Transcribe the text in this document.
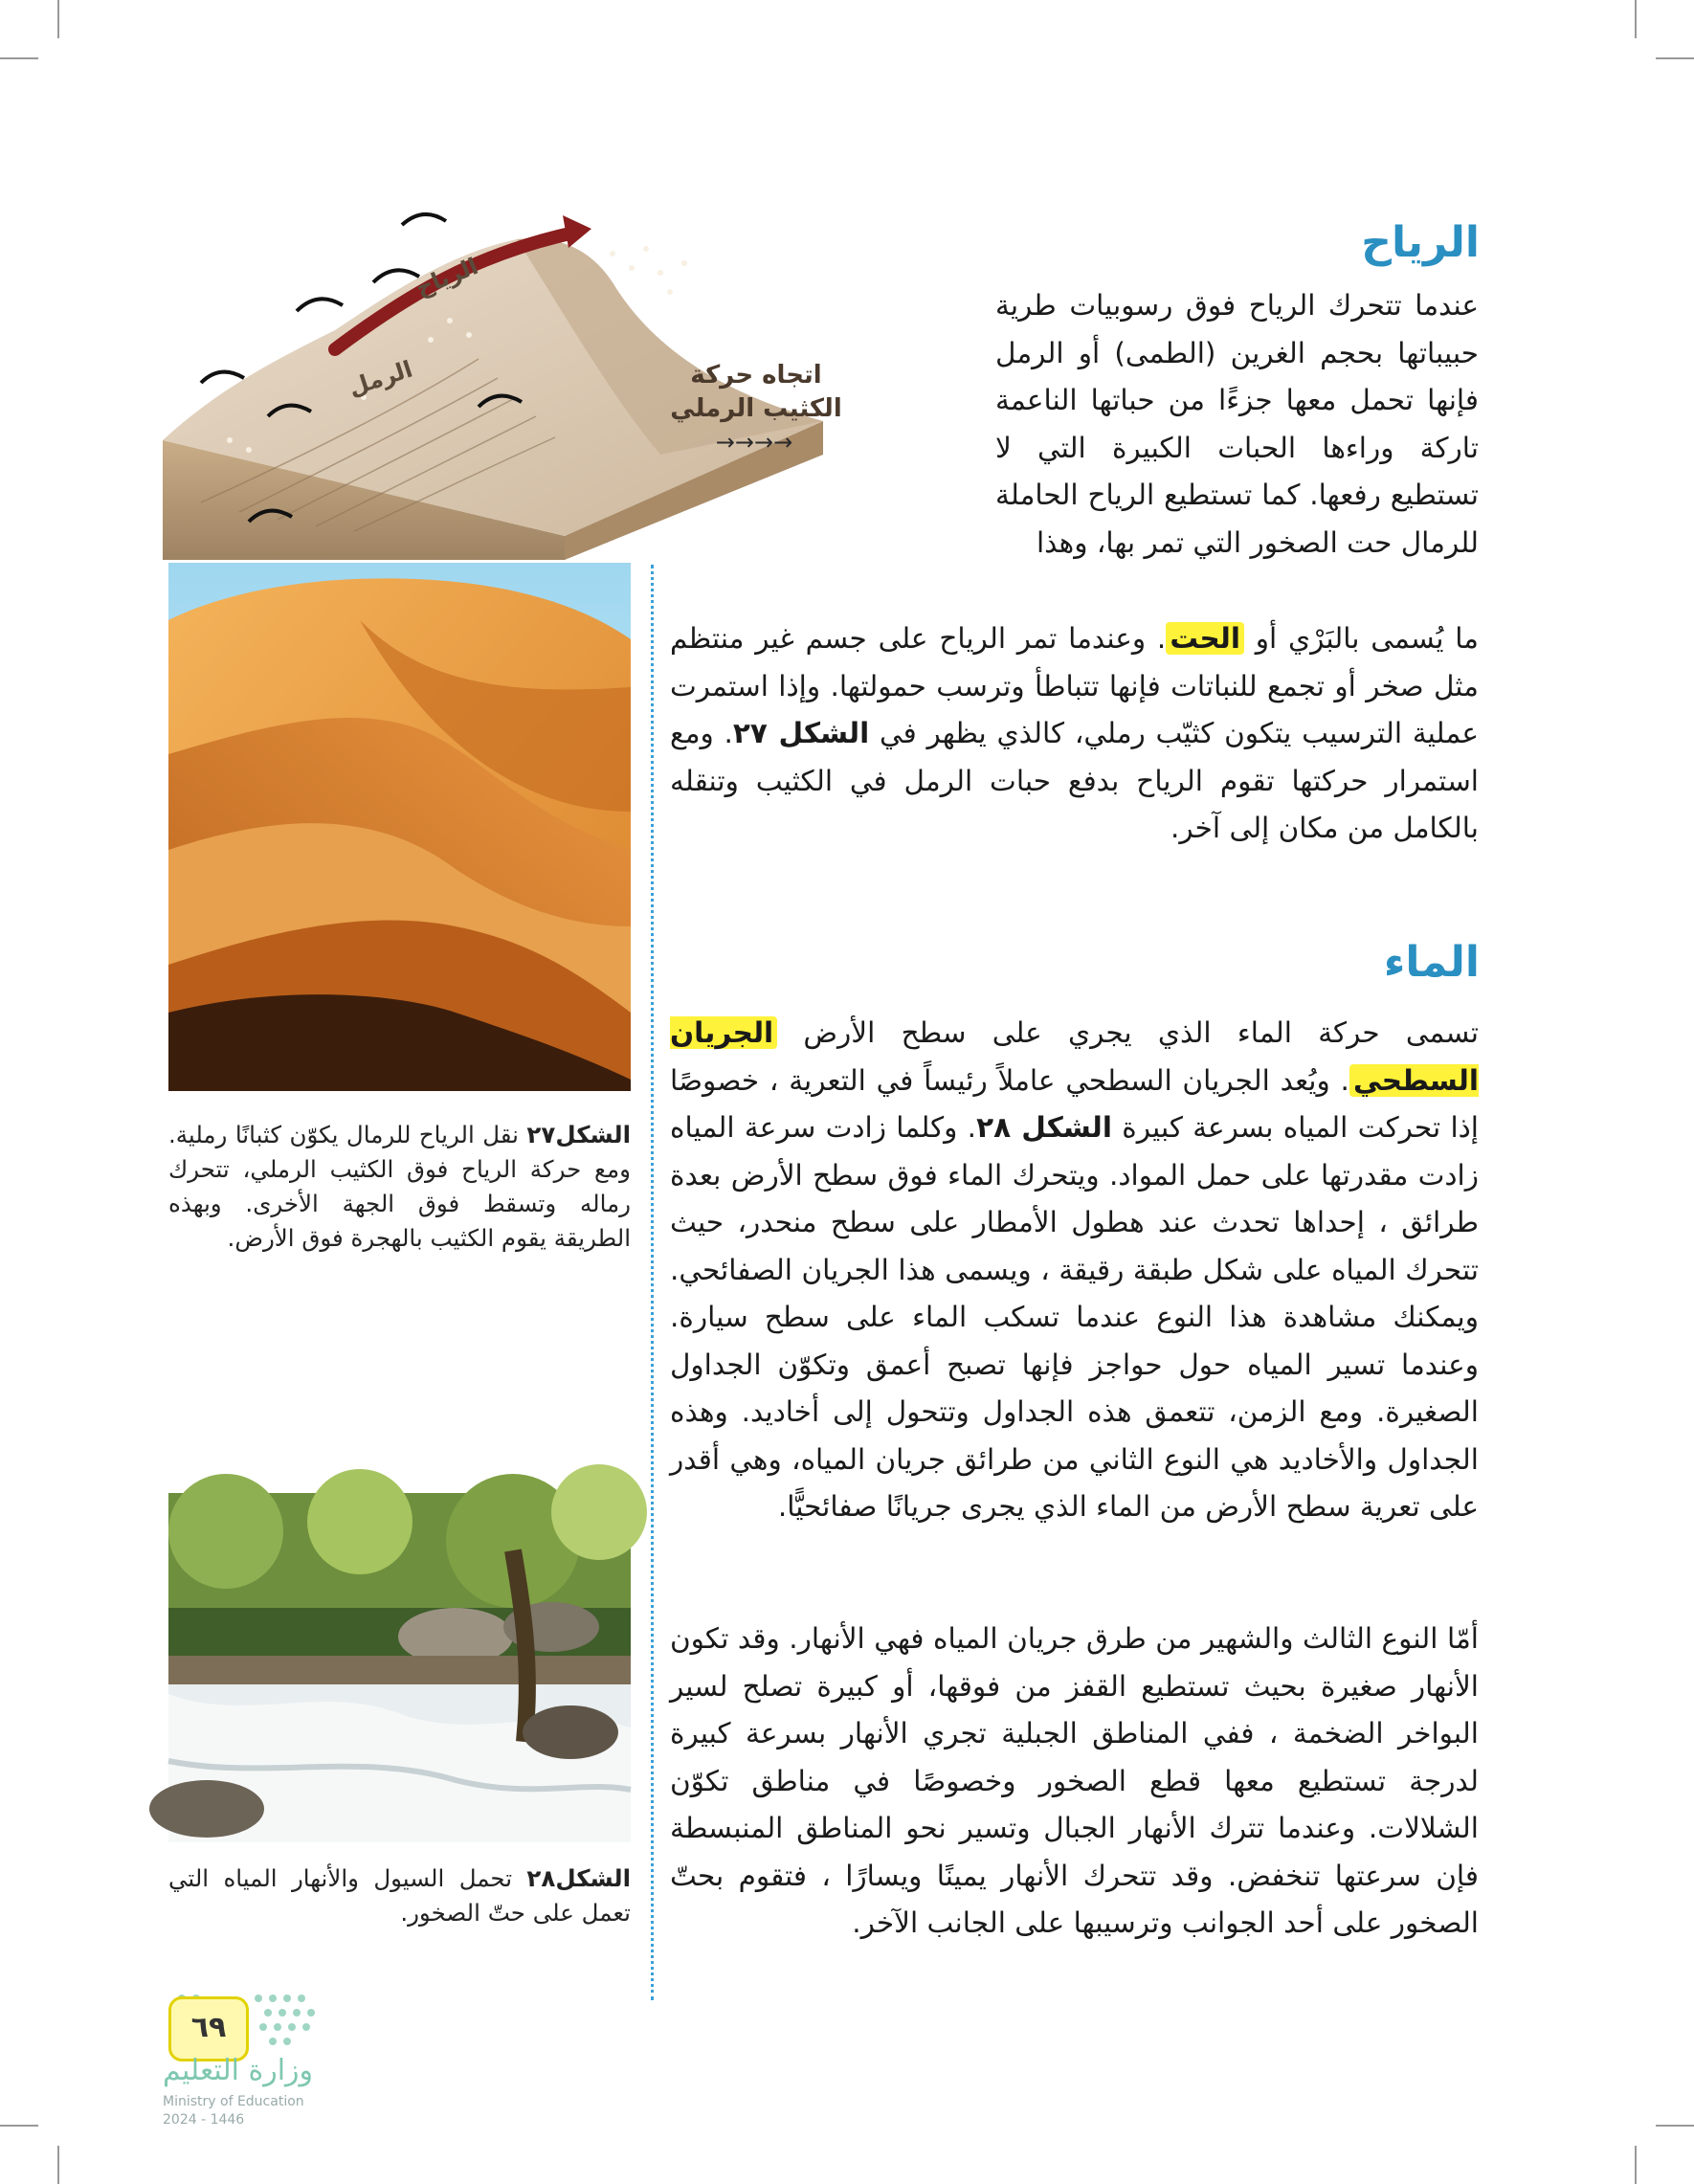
الرياح
الرمل	اتجاه حركة
الكثيب الرملي
→→→→
الرياح

عندما تتحرك الرياح فوق رسوبيات طرية حبيباتها بحجم الغرين (الطمى) أو الرمل فإنها تحمل معها جزءًا من حباتها الناعمة تاركة وراءها الحبات الكبيرة التي لا تستطيع رفعها. كما تستطيع الرياح الحاملة للرمال حت الصخور التي تمر بها، وهذا

ما يُسمى بالبَرْي أو الحت. وعندما تمر الرياح على جسم غير منتظم مثل صخر أو تجمع للنباتات فإنها تتباطأ وترسب حمولتها. وإذا استمرت عملية الترسيب يتكون كثيّب رملي، كالذي يظهر في الشكل ٢٧. ومع استمرار حركتها تقوم الرياح بدفع حبات الرمل في الكثيب وتنقله بالكامل من مكان إلى آخر.

الماء

تسمى حركة الماء الذي يجري على سطح الأرض الجريان السطحي. ويُعد الجريان السطحي عاملاً رئيساً في التعرية ، خصوصًا إذا تحركت المياه بسرعة كبيرة الشكل ٢٨. وكلما زادت سرعة المياه زادت مقدرتها على حمل المواد. ويتحرك الماء فوق سطح الأرض بعدة طرائق ، إحداها تحدث عند هطول الأمطار على سطح منحدر، حيث تتحرك المياه على شكل طبقة رقيقة ، ويسمى هذا الجريان الصفائحي. ويمكنك مشاهدة هذا النوع عندما تسكب الماء على سطح سيارة. وعندما تسير المياه حول حواجز فإنها تصبح أعمق وتكوّن الجداول الصغيرة. ومع الزمن، تتعمق هذه الجداول وتتحول إلى أخاديد. وهذه الجداول والأخاديد هي النوع الثاني من طرائق جريان المياه، وهي أقدر على تعرية سطح الأرض من الماء الذي يجرى جريانًا صفائحيًّا.

أمّا النوع الثالث والشهير من طرق جريان المياه فهي الأنهار. وقد تكون الأنهار صغيرة بحيث تستطيع القفز من فوقها، أو كبيرة تصلح لسير البواخر الضخمة ، ففي المناطق الجبلية تجري الأنهار بسرعة كبيرة لدرجة تستطيع معها قطع الصخور وخصوصًا في مناطق تكوّن الشلالات. وعندما تترك الأنهار الجبال وتسير نحو المناطق المنبسطة فإن سرعتها تنخفض. وقد تتحرك الأنهار يمينًا ويسارًا ، فتقوم بحتّ الصخور على أحد الجوانب وترسيبها على الجانب الآخر.

الشكل٢٧ نقل الرياح للرمال يكوّن كثبانًا رملية. ومع حركة الرياح فوق الكثيب الرملي، تتحرك رماله وتسقط فوق الجهة الأخرى. وبهذه الطريقة يقوم الكثيب بالهجرة فوق الأرض.

الشكل٢٨ تحمل السيول والأنهار المياه التي تعمل على حتّ الصخور.

٦٩
وزارة التعليم
Ministry of Education
2024 - 1446
